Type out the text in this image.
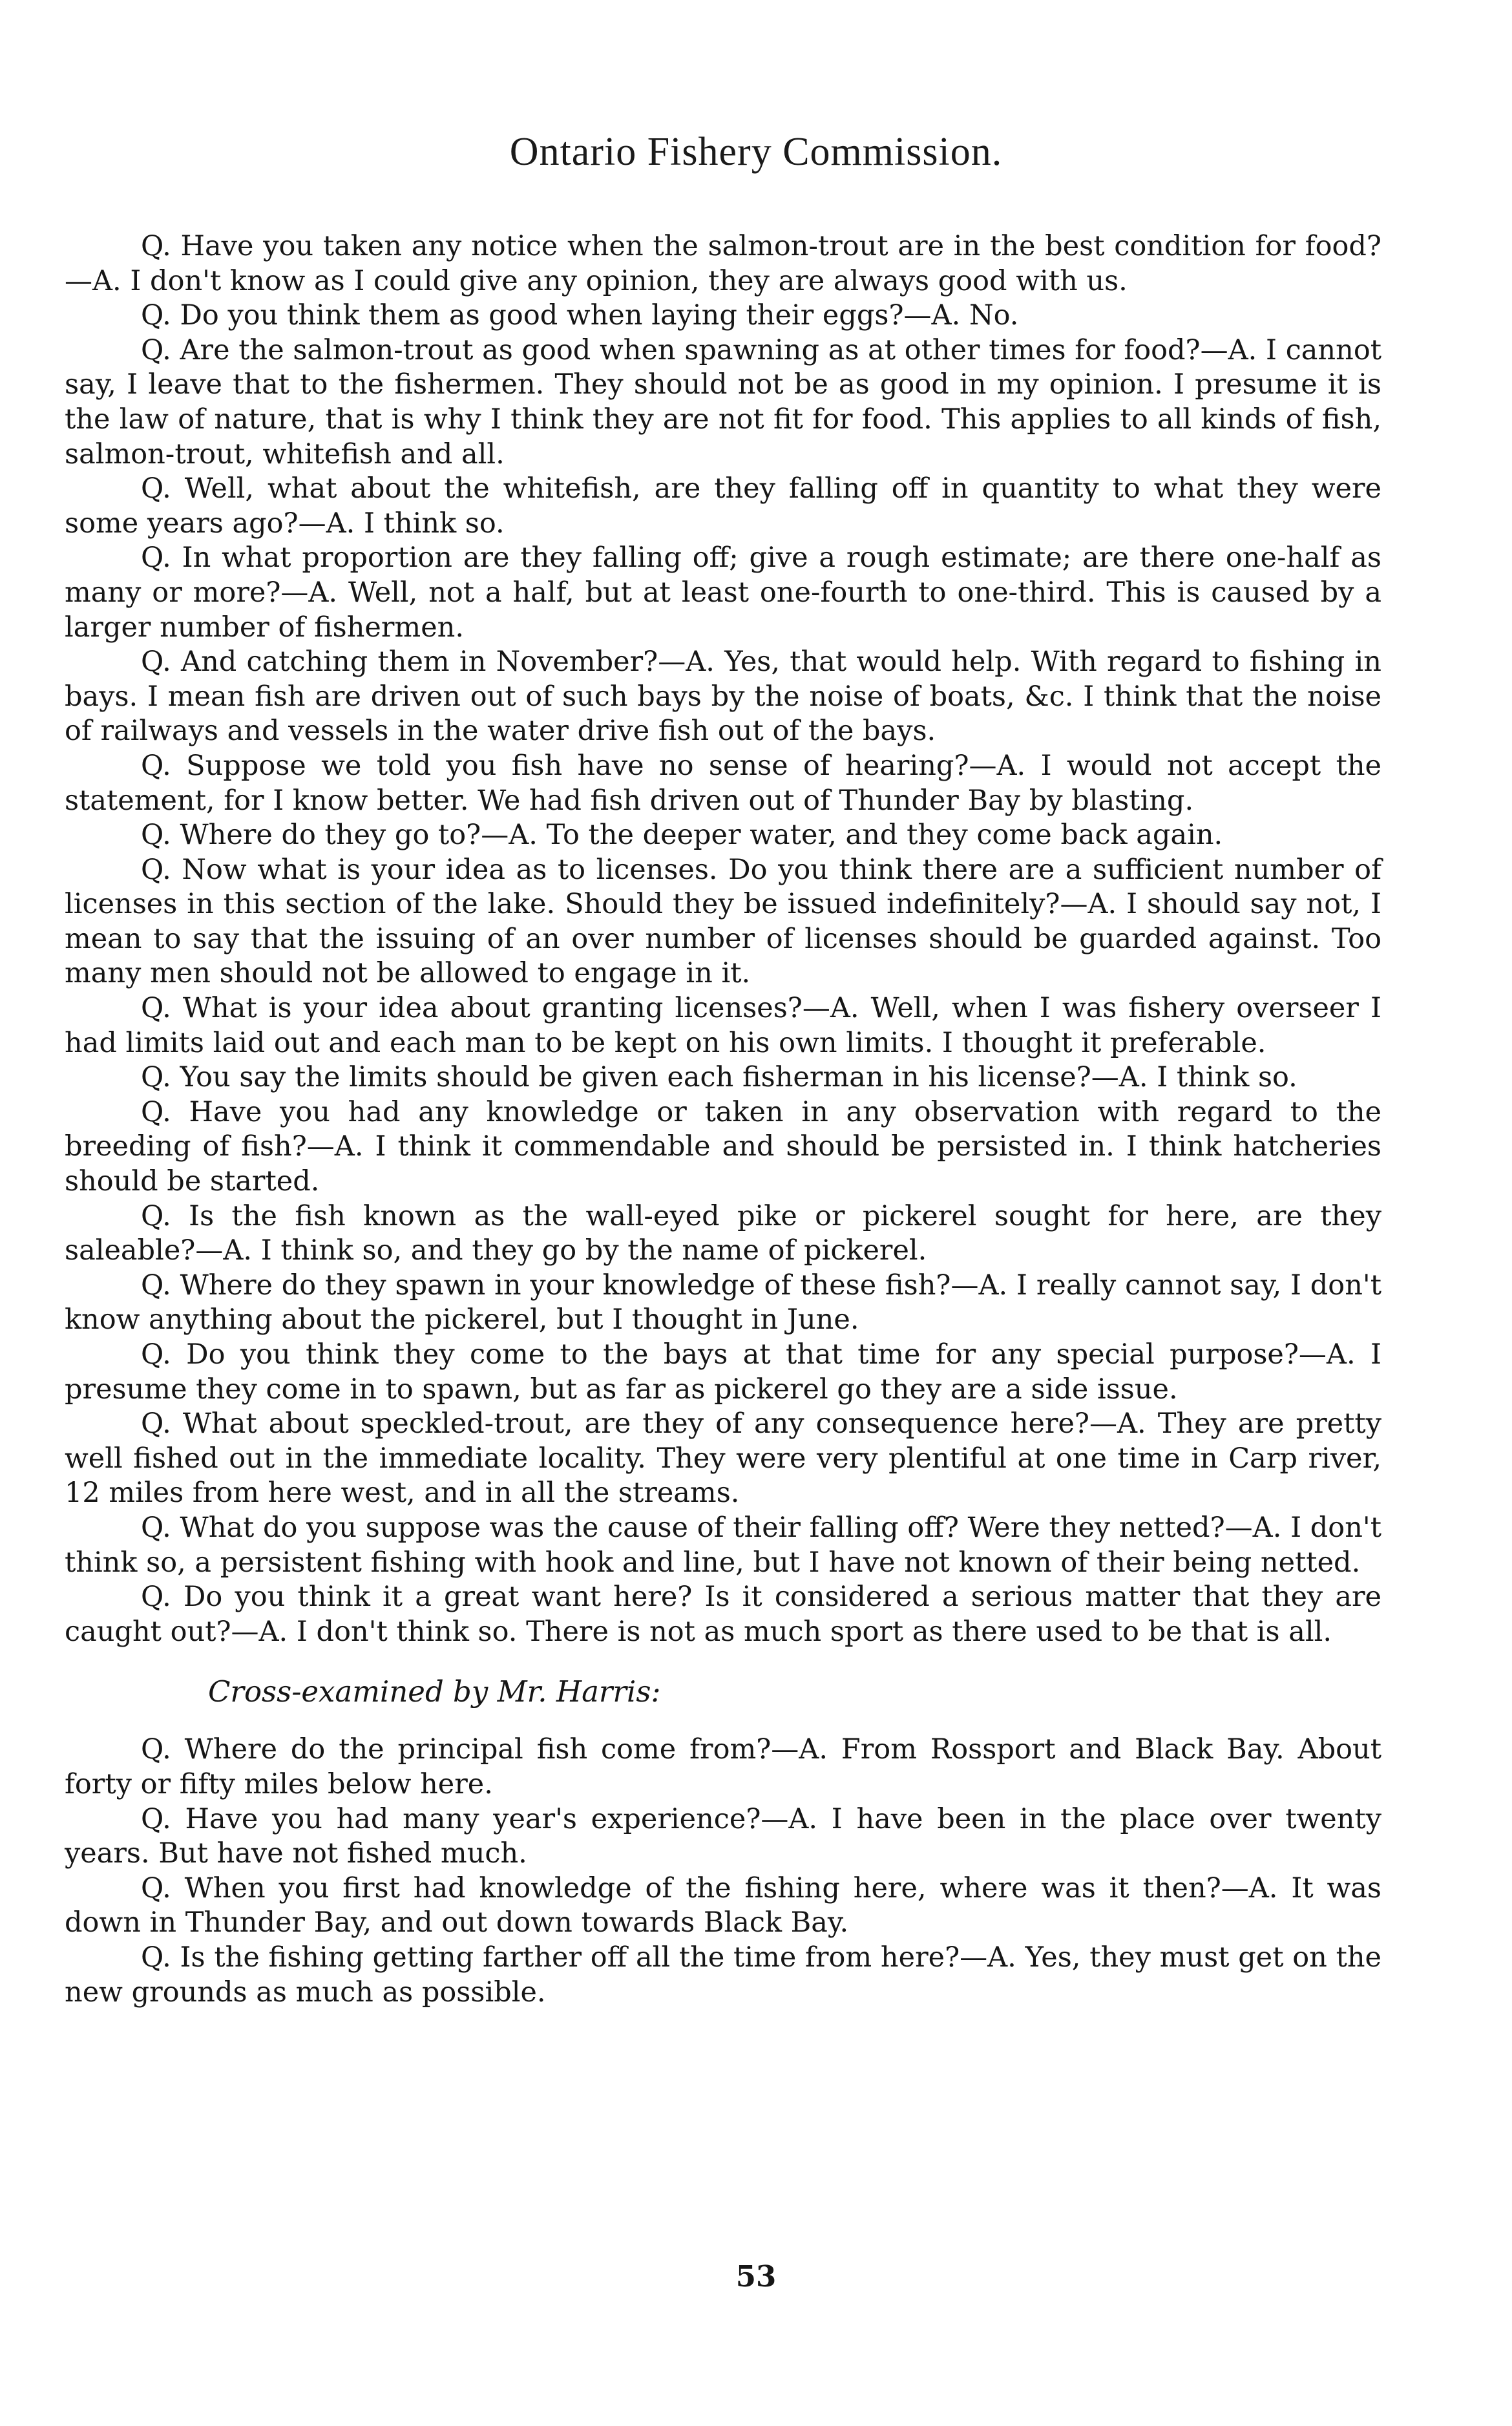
Ontario Fishery Commission.

Q. Have you taken any notice when the salmon-trout are in the best condition for food?—A. I don't know as I could give any opinion, they are always good with us.

Q. Do you think them as good when laying their eggs?—A. No.

Q. Are the salmon-trout as good when spawning as at other times for food?—A. I cannot say, I leave that to the fishermen. They should not be as good in my opinion. I presume it is the law of nature, that is why I think they are not fit for food. This applies to all kinds of fish, salmon-trout, whitefish and all.

Q. Well, what about the whitefish, are they falling off in quantity to what they were some years ago?—A. I think so.

Q. In what proportion are they falling off; give a rough estimate; are there one-half as many or more?—A. Well, not a half, but at least one-fourth to one-third. This is caused by a larger number of fishermen.

Q. And catching them in November?—A. Yes, that would help. With regard to fishing in bays. I mean fish are driven out of such bays by the noise of boats, &c. I think that the noise of railways and vessels in the water drive fish out of the bays.

Q. Suppose we told you fish have no sense of hearing?—A. I would not accept the statement, for I know better. We had fish driven out of Thunder Bay by blasting.

Q. Where do they go to?—A. To the deeper water, and they come back again.

Q. Now what is your idea as to licenses. Do you think there are a sufficient number of licenses in this section of the lake. Should they be issued indefinitely?—A. I should say not, I mean to say that the issuing of an over number of licenses should be guarded against. Too many men should not be allowed to engage in it.

Q. What is your idea about granting licenses?—A. Well, when I was fishery overseer I had limits laid out and each man to be kept on his own limits. I thought it preferable.

Q. You say the limits should be given each fisherman in his license?—A. I think so.

Q. Have you had any knowledge or taken in any observation with regard to the breeding of fish?—A. I think it commendable and should be persisted in. I think hatcheries should be started.

Q. Is the fish known as the wall-eyed pike or pickerel sought for here, are they saleable?—A. I think so, and they go by the name of pickerel.

Q. Where do they spawn in your knowledge of these fish?—A. I really cannot say, I don't know anything about the pickerel, but I thought in June.

Q. Do you think they come to the bays at that time for any special purpose?—A. I presume they come in to spawn, but as far as pickerel go they are a side issue.

Q. What about speckled-trout, are they of any consequence here?—A. They are pretty well fished out in the immediate locality. They were very plentiful at one time in Carp river, 12 miles from here west, and in all the streams.

Q. What do you suppose was the cause of their falling off? Were they netted?—A. I don't think so, a persistent fishing with hook and line, but I have not known of their being netted.

Q. Do you think it a great want here? Is it considered a serious matter that they are caught out?—A. I don't think so. There is not as much sport as there used to be that is all.

Cross-examined by Mr. Harris:

Q. Where do the principal fish come from?—A. From Rossport and Black Bay. About forty or fifty miles below here.

Q. Have you had many year's experience?—A. I have been in the place over twenty years. But have not fished much.

Q. When you first had knowledge of the fishing here, where was it then?—A. It was down in Thunder Bay, and out down towards Black Bay.

Q. Is the fishing getting farther off all the time from here?—A. Yes, they must get on the new grounds as much as possible.

53
